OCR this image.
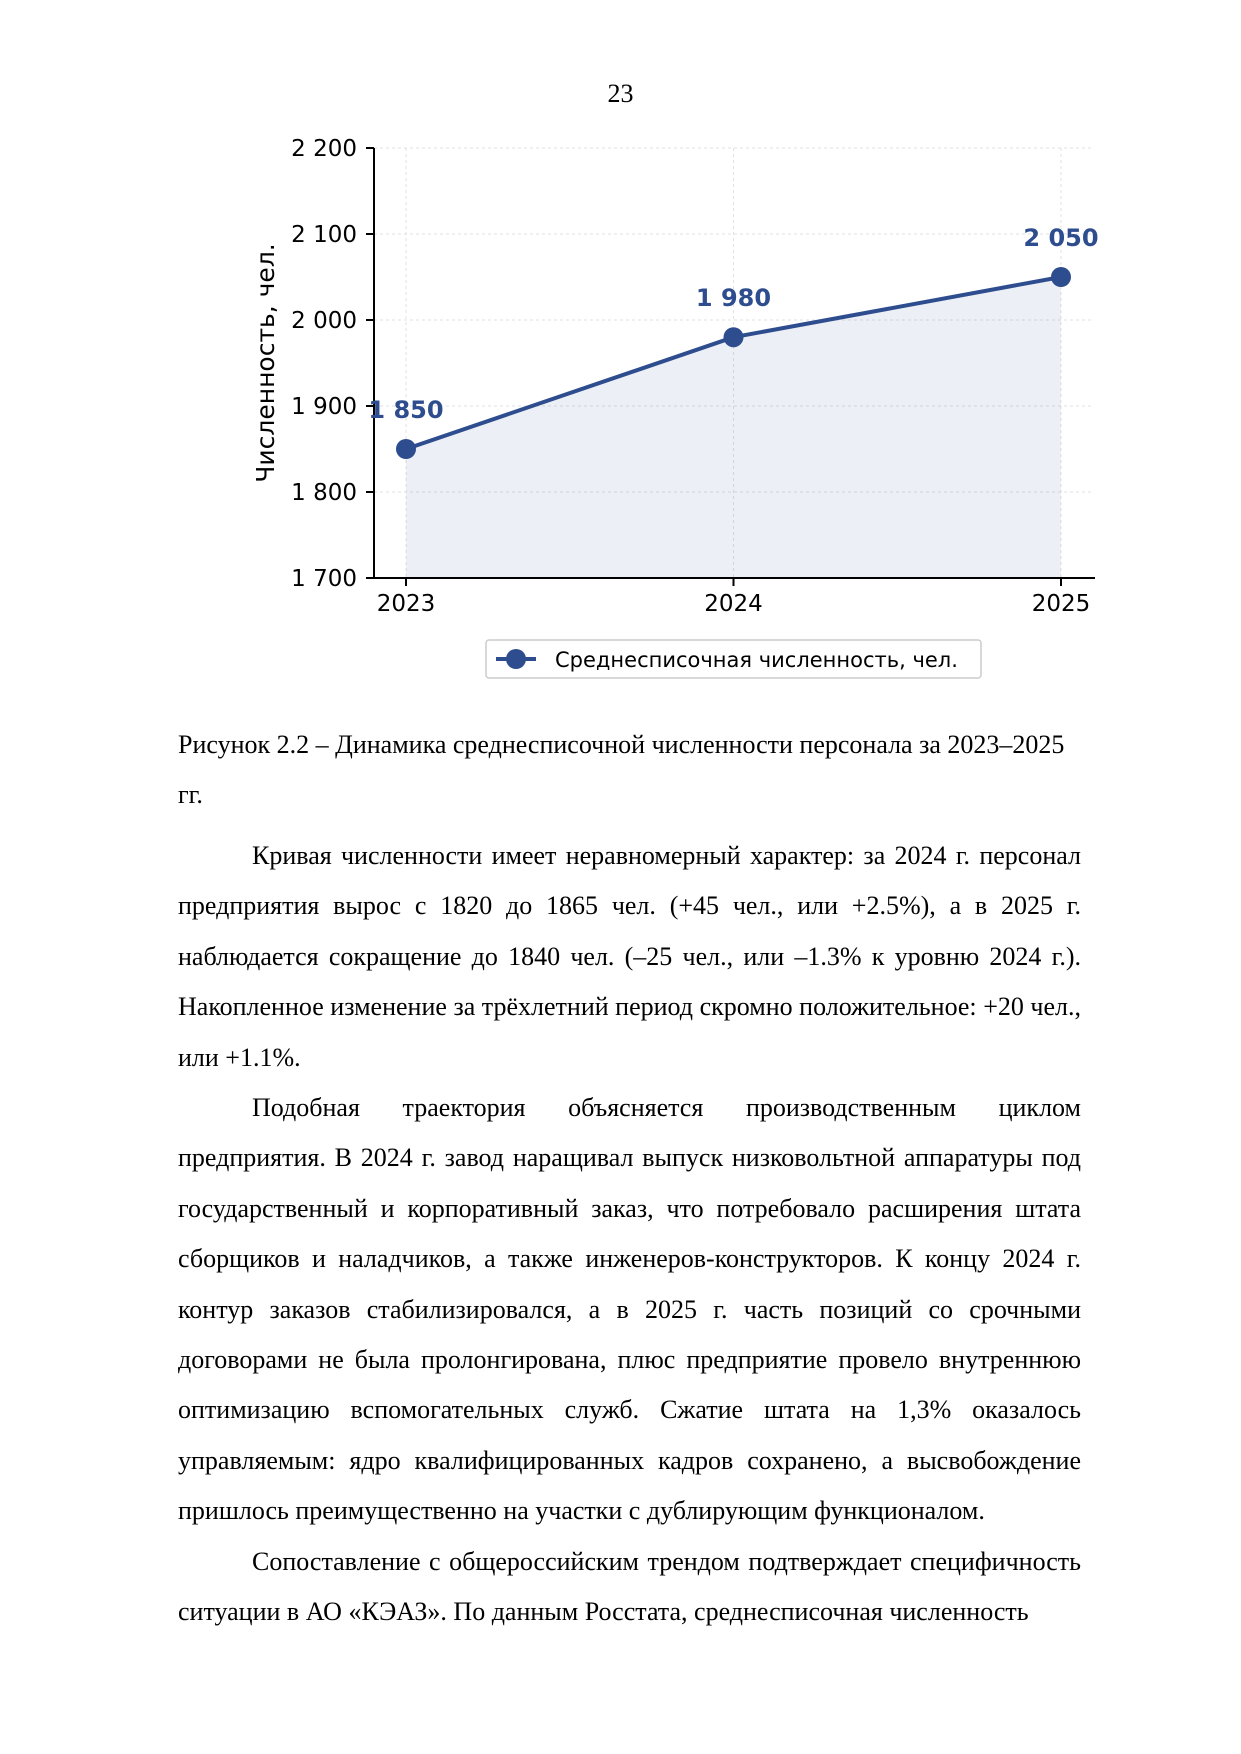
23
1 700
1 800
1 900
2 000
2 100
2 200
2023	2024	2025
Численность, чел.	1 850
1 980
2 050
Среднесписочная численность, чел.
Рисунок 2.2 – Динамика среднесписочной численности персонала за 2023–2025 гг.

Кривая численности имеет неравномерный характер: за 2024 г. персонал предприятия вырос с 1820 до 1865 чел. (+45 чел., или +2.5%), а в 2025 г. наблюдается сокращение до 1840 чел. (–25 чел., или –1.3% к уровню 2024 г.). Накопленное изменение за трёхлетний период скромно положительное: +20 чел., или +1.1%.

Подобная траектория объясняется производственным циклом предприятия. В 2024 г. завод наращивал выпуск низковольтной аппаратуры под государственный и корпоративный заказ, что потребовало расширения штата сборщиков и наладчиков, а также инженеров-конструкторов. К концу 2024 г. контур заказов стабилизировался, а в 2025 г. часть позиций со срочными договорами не была пролонгирована, плюс предприятие провело внутреннюю оптимизацию вспомогательных служб. Сжатие штата на 1,3% оказалось управляемым: ядро квалифицированных кадров сохранено, а высвобождение пришлось преимущественно на участки с дублирующим функционалом.

Сопоставление с общероссийским трендом подтверждает специфичность ситуации в АО «КЭАЗ». По данным Росстата, среднесписочная численность
